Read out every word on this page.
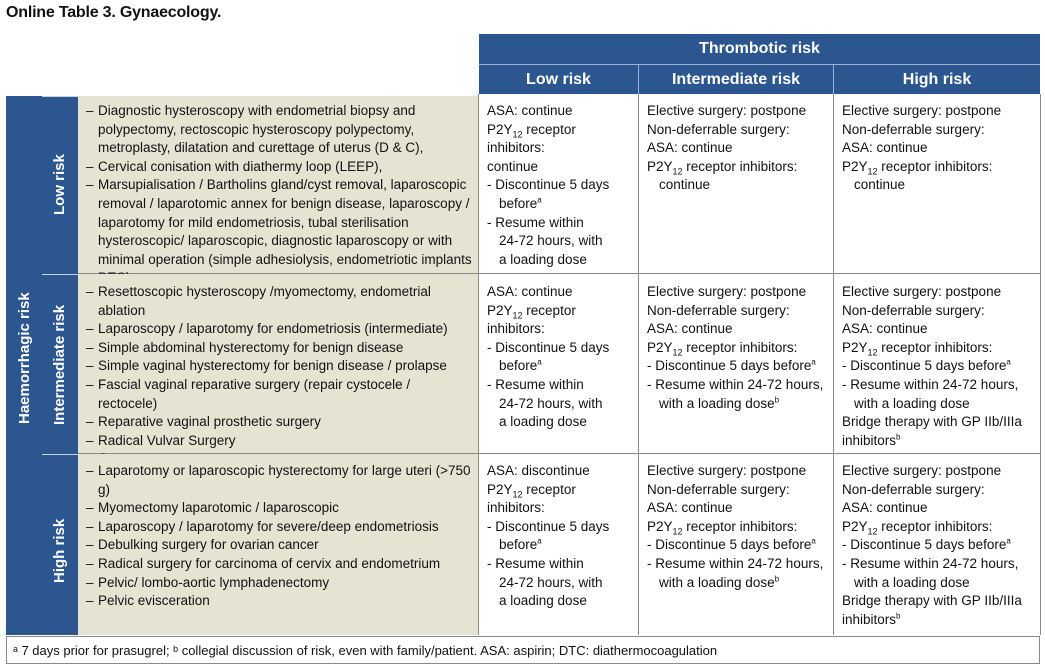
Online Table 3. Gynaecology.
Thrombotic risk
Low risk	Intermediate risk	High risk
Haemorrhagic risk
Low risk
Intermediate risk
High risk
– Diagnostic hysteroscopy with endometrial biopsy and polypectomy, rectoscopic hysteroscopy polypectomy, metroplasty, dilatation and curettage of uterus (D & C),
– Cervical conisation with diathermy loop (LEEP),
– Marsupialisation / Bartholins gland/cyst removal, laparoscopic removal / laparotomic annex for benign disease, laparoscopy / laparotomy for mild endometriosis, tubal sterilisation hysteroscopic/ laparoscopic, diagnostic laparoscopy or with minimal operation (simple adhesiolysis, endometriotic implants
– Resettoscopic hysteroscopy /myomectomy, endometrial ablation
– Laparoscopy / laparotomy for endometriosis (intermediate)
– Simple abdominal hysterectomy for benign disease
– Simple vaginal hysterectomy for benign disease / prolapse
– Fascial vaginal reparative surgery (repair cystocele / rectocele)
– Reparative vaginal prosthetic surgery
– Radical Vulvar Surgery
– Laparotomy or laparoscopic hysterectomy for large uteri (>750 g)
– Myomectomy laparotomic / laparoscopic
– Laparoscopy / laparotomy for severe/deep endometriosis
– Debulking surgery for ovarian cancer
– Radical surgery for carcinoma of cervix and endometrium
– Pelvic/ lombo-aortic lymphadenectomy
– Pelvic evisceration
ASA: continue
$P2Y_{12}$ receptor inhibitors:
continue
- Discontinue 5 days
before$^a$
- Resume within
24-72 hours, with
a loading dose
Elective surgery: postpone
Non-deferrable surgery:
ASA: continue
$P2Y_{12}$ receptor inhibitors:
continue
Elective surgery: postpone
Non-deferrable surgery:
ASA: continue
$P2Y_{12}$ receptor inhibitors:
continue
ASA: continue
$P2Y_{12}$ receptor inhibitors:
- Discontinue 5 days
before$^a$
- Resume within
24-72 hours, with
a loading dose
Elective surgery: postpone
Non-deferrable surgery:
ASA: continue
$P2Y_{12}$ receptor inhibitors:
- Discontinue 5 days before$^a$
- Resume within 24-72 hours,
with a loading dose$^b$
Elective surgery: postpone
Non-deferrable surgery:
ASA: continue
$P2Y_{12}$ receptor inhibitors:
- Discontinue 5 days before$^a$
- Resume within 24-72 hours,
with a loading dose
Bridge therapy with GP IIb/IIIa
inhibitors$^b$
ASA: discontinue
$P2Y_{12}$ receptor inhibitors:
- Discontinue 5 days
before$^a$
- Resume within
24-72 hours, with
a loading dose
Elective surgery: postpone
Non-deferrable surgery:
ASA: continue
$P2Y_{12}$ receptor inhibitors:
- Discontinue 5 days before$^a$
- Resume within 24-72 hours,
with a loading dose$^b$
Elective surgery: postpone
Non-deferrable surgery:
ASA: continue
$P2Y_{12}$ receptor inhibitors:
- Discontinue 5 days before$^a$
- Resume within 24-72 hours,
with a loading dose
Bridge therapy with GP IIb/IIIa
inhibitors$^b$
ᵃ 7 days prior for prasugrel; ᵇ collegial discussion of risk, even with family/patient. ASA: aspirin; DTC: diathermocoagulation
